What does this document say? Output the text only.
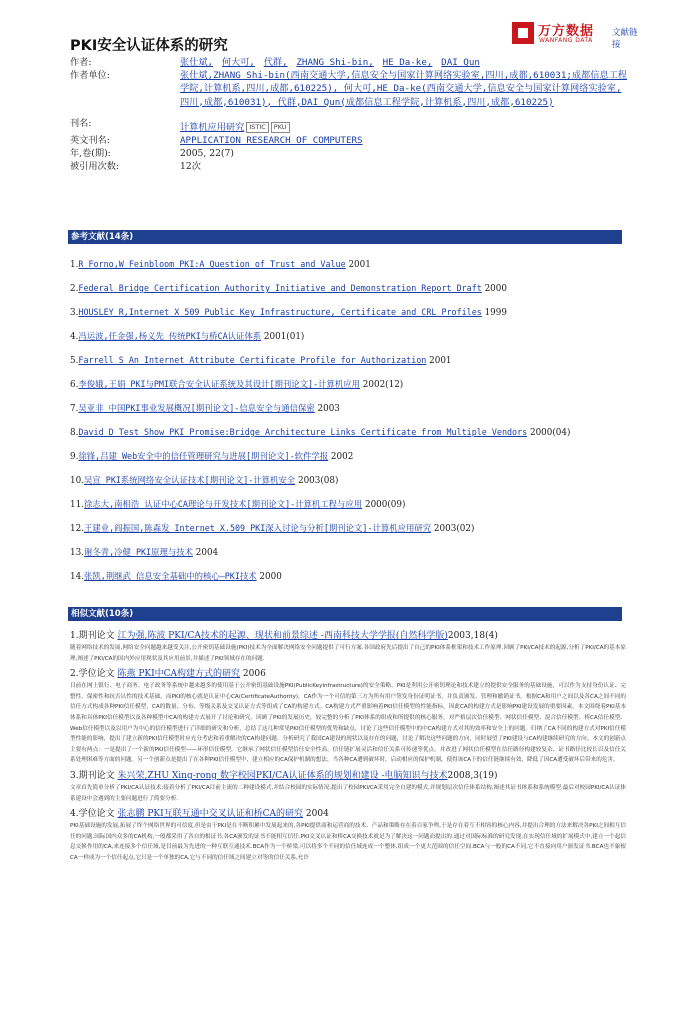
PKI安全认证体系的研究
万方数据
WANFANG DATA
文献链接
作者:	张仕斌, 何大可, 代群, ZHANG Shi-bin, HE Da-ke, DAI Qun
作者单位:	张仕斌,ZHANG Shi-bin(西南交通大学,信息安全与国家计算网络实验室,四川,成都,610031;成都信息工程学院,计算机系,四川,成都,610225), 何大可,HE Da-ke(西南交通大学,信息安全与国家计算网络实验室,四川,成都,610031), 代群,DAI Qun(成都信息工程学院,计算机系,四川,成都,610225)
刊名:	计算机应用研究 ISTIC PKU
英文刊名:	APPLICATION RESEARCH OF COMPUTERS
年,卷(期):	2005, 22(7)
被引用次数:	12次
参考文献(14条)
1.R Forno,W Feinbloom PKI:A Question of Trust and Value 2001
2.Federal Bridge Certification Authority Initiative and Demonstration Report Draft 2000
3.HOUSLEY R,Internet X 509 Public Key Infrastructure, Certificate and CRL Profiles 1999
4.冯运波,任金强,杨义先 传统PKI与桥CA认证体系 2001(01)
5.Farrell S An Internet Attribute Certificate Profile for Authorization 2001
6.李俊娥,王娟 PKI与PMI联合安全认证系统及其设计[期刊论文]-计算机应用 2002(12)
7.吴亚非 中国PKI事业发展概况[期刊论文]-信息安全与通信保密 2003
8.David D Test Show PKI Promise:Bridge Architecture Links Certificate from Multiple Vendors 2000(04)
9.徐锋,吕建 Web安全中的信任管理研究与进展[期刊论文]-软件学报 2002
10.吴宣 PKI系统网络安全认证技术[期刊论文]-计算机安全 2003(08)
11.徐志大,南相浩 认证中心CA理论与开发技术[期刊论文]-计算机工程与应用 2000(09)
12.王建业,阎振国,陈森发 Internet X.509 PKI深入讨论与分析[期刊论文]-计算机应用研究 2003(02)
13.谢冬青,冷健 PKI原理与技术 2004
14.张凯,荆继武 信息安全基础中的核心—PKI技术 2000
相似文献(10条)
1.期刊论文 江为强,陈波 PKI/CA技术的起源、现状和前景综述 -西南科技大学学报(自然科学版)2003,18(4)
随着网络技术的发展,网络安全问题越来越受关注,公开密钥基础设施(PKI)技术为全面解决网络安全问题提供了可行方案.各国政府先后提出了自己的PKI体系框架和技术工作原理.回顾了PKI/CA技术的起源,分析了PKI/CA的基本原理,阐述了PKI/CA的国内外应用现状及其应用前景,并描述了PKI领域存在的问题.
2.学位论文 陈燕 PKI中CA构建方式的研究 2006
目前在网上银行、电子商务、电子政务等系统中越来越多的使用基于公开密钥基础设施PKI(PublicKeyInfrastructure)的安全策略。PKI是利用公开密钥理论和技术建立的提供安全服务的基础设施，可以作为支持身份认证、完整性、保密性和抗否认性的技术基础，而PKI的核心就是认证中心CA(CertificateAuthority)。CA作为一个可信的第三方为所有用户签发身份证明证书，并负责颁发、管理和撤销证书。根据CA和用户之间以及各CA之间不同的信任方式构成各种PKI信任模型，CA的数量、分布、等级关系及交叉认证方式等组成了CA的构建方式。CA构建方式严重影响着PKI信任模型的性能指标，因此CA的构建方式是影响PKI建设发展的重要因素。本文围绕着PKI基本体系和具体PKI信任模型以及各种模型中CA的构建方式展开了讨论和研究。回顾了PKI的发展历史，较完整的分析了PKI体系的组成和所提供的核心服务。对严格层次信任模型、网状信任模型、混合信任模型、桥CA信任模型、Web信任模型以及以用户为中心的信任模型进行了详细的研究和分析，总结了这几种常见PKI信任模型的优势和缺点，讨论了这些信任模型中的中CA构建方式对其的效率和安全上的问题。归纳了CA不同的构建方式对PKI信任模型性能的影响，提出了建立新的PKI信任模型时应充分考虑和着重解决的CA构建问题。分析研究了我国CA建设的现状以及存在的问题，讨论了解决这些问题的方向，同时展望了PKI建设与CA构建继续研究的方向。本文的创新点主要有两点：一是提出了一个新的PKI信任模型——环形信任模型，它继承了网状信任模型信任安全性高、信任链扩展灵活和信任关系可传递等优点，并改进了网状信任模型在信任路径构建较复杂、证书路径比较长以及信任关系处理困难等方面的问题。另一个创新点是提出了在各种PKI信任模型中，建立相应的CA保护机制的想法，当各种CA遭到破坏时，启动相应的保护机制，使得该CA下的信任链继续有效，降低了因CA遭受破坏后带来的危害。
3.期刊论文 朱兴荣,ZHU Xing-rong 数字校园PKI/CA认证体系的规划和建设 -电脑知识与技术2008,3(19)
文章首先简单分析了PKI/CA认证技术;接着分析了PKI/CA目前主流的二种建设模式,并结合校园的实际情况,提出了校园PKI/CA采用完全自建的模式,并规划层次信任体系结构,阐述其证书体系和系统模型.最后对校园PKI/CA认证体系建设中会遇到的主要问题进行了简要分析.
4.学位论文 张志鹏 PKI互联互通中交叉认证和桥CA的研究 2004
PKI基础设施的发展,拓展了终个网络世界的可信度,但是由于PKI是在不断积累中发展起来的,各PKI提供商和运营商的技术、产品和策略存在着百家争鸣,于是存在着互不相容的核心内容,并提出合理的方法来解决各PKI之间相互信任的问题.国际国内众多的CA机构,一般都采用了各自的根证书,各CA颁发的证书不能相互信任.PKI交叉认证和桥CA交换技术就是为了解决这一问题而提出的.通过对国际标准的研究发现,在实现信任域的扩展模式中,建立一个起信息交换作用的CA,来连接多个信任域,是目前最为先进的一种互联互通技术.BCA作为一个桥梁,可以将多个不同的信任域连成一个整体,组成一个更大范围的信任空间.BCA与一般的CA不同,它不直接向用户颁发证书.BCA也不象根CA一样成为一个信任起点,它只是一个单独的CA,它与不同的信任域之间建立对等的信任关系,允许
